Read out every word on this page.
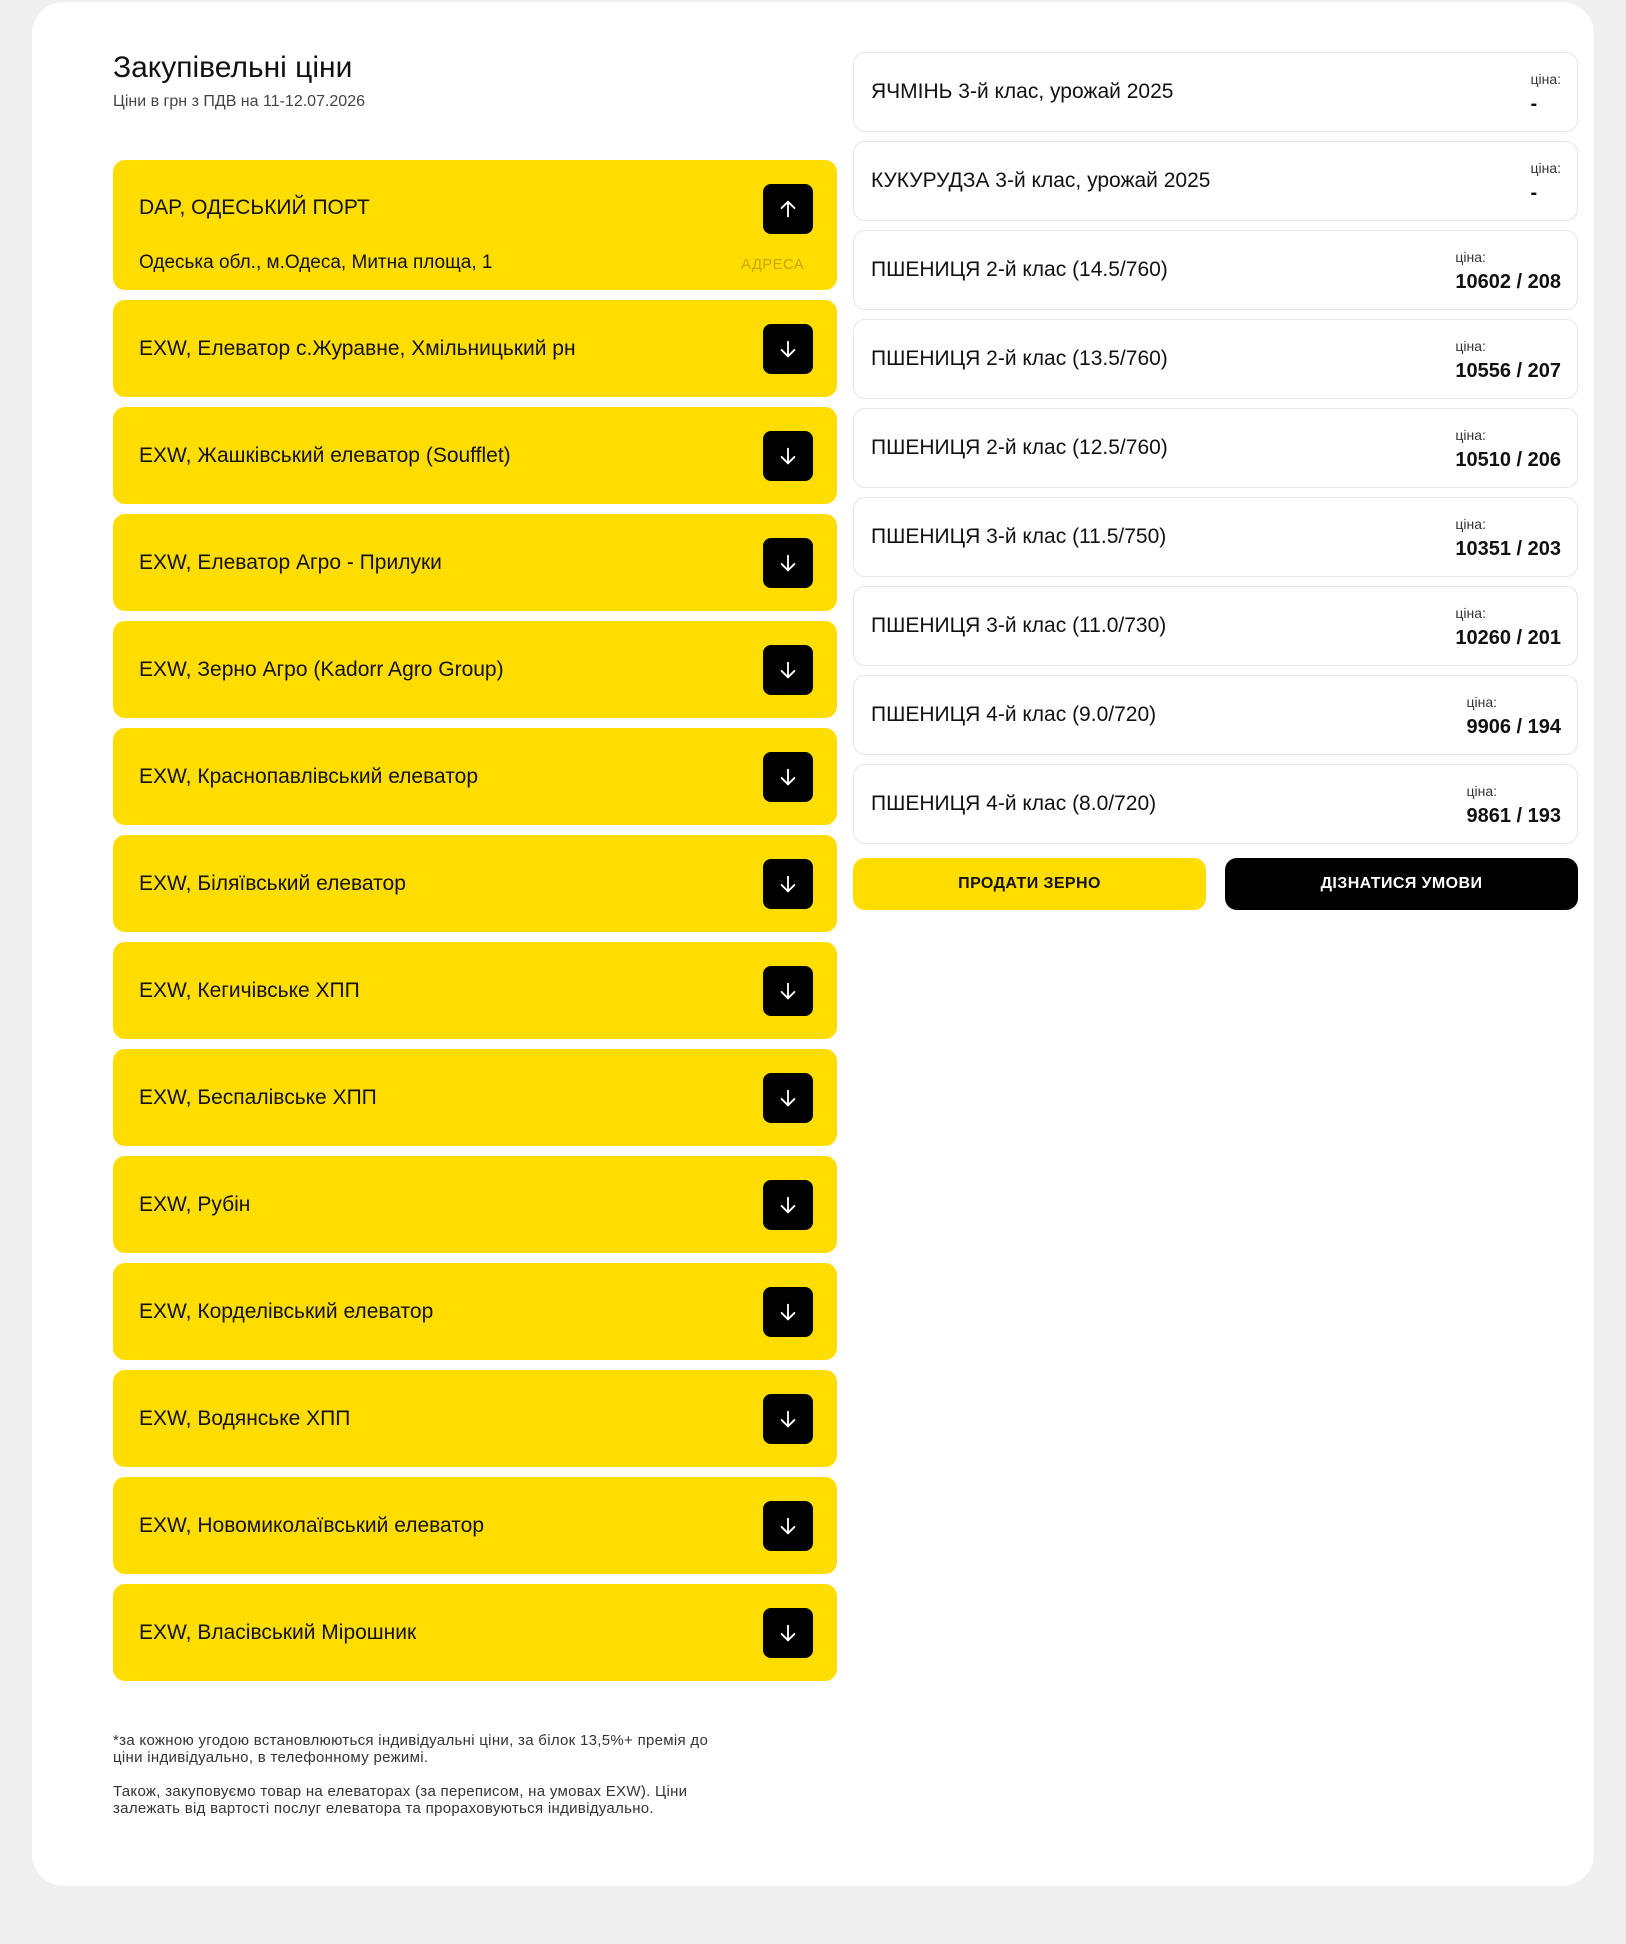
Закупівельні ціни
Ціни в грн з ПДВ на 11-12.07.2026
DAP, ОДЕСЬКИЙ ПОРТ
Одеська обл., м.Одеса, Митна площа, 1	АДРЕСА
EXW, Елеватор с.Журавне, Хмільницький рн
EXW, Жашківський елеватор (Soufflet)
EXW, Елеватор Агро - Прилуки
EXW, Зерно Агро (Kadorr Agro Group)
EXW, Краснопавлівський елеватор
EXW, Біляївський елеватор
EXW, Кегичівське ХПП
EXW, Беспалівське ХПП
EXW, Рубін
EXW, Корделівський елеватор
EXW, Водянське ХПП
EXW, Новомиколаївський елеватор
EXW, Власівський Мірошник

*за кожною угодою встановлюються індивідуальні ціни, за білок 13,5%+ премія до ціни індивідуально, в телефонному режимі.

Також, закуповуємо товар на елеваторах (за переписом, на умовах EXW). Ціни залежать від вартості послуг елеватора та прораховуються індивідуально.

ЯЧМІНЬ 3-й клас, урожай 2025
ціна:
-
КУКУРУДЗА 3-й клас, урожай 2025
ціна:
-
ПШЕНИЦЯ 2-й клас (14.5/760)
ціна:
10602 / 208
ПШЕНИЦЯ 2-й клас (13.5/760)
ціна:
10556 / 207
ПШЕНИЦЯ 2-й клас (12.5/760)
ціна:
10510 / 206
ПШЕНИЦЯ 3-й клас (11.5/750)
ціна:
10351 / 203
ПШЕНИЦЯ 3-й клас (11.0/730)
ціна:
10260 / 201
ПШЕНИЦЯ 4-й клас (9.0/720)
ціна:
9906 / 194
ПШЕНИЦЯ 4-й клас (8.0/720)
ціна:
9861 / 193
ПРОДАТИ ЗЕРНО	ДІЗНАТИСЯ УМОВИ
